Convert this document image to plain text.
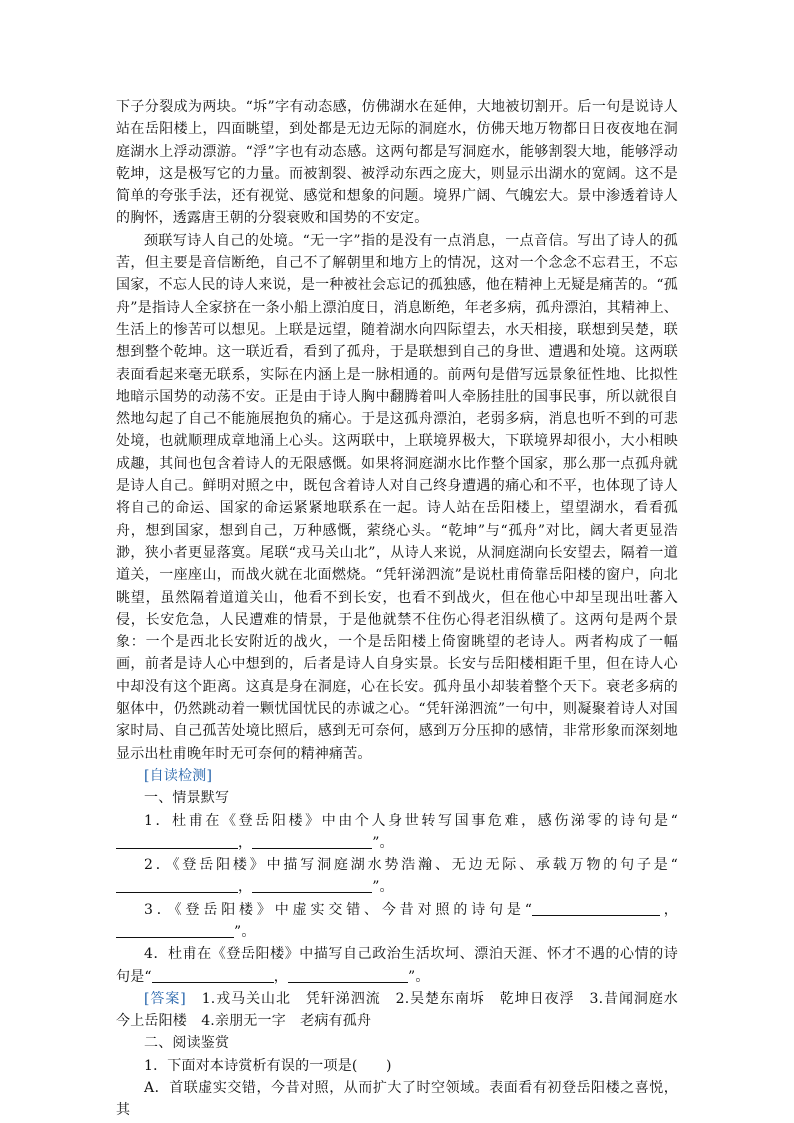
下子分裂成为两块。“坼”字有动态感，仿佛湖水在延伸，大地被切割开。后一句是说诗人站在岳阳楼上，四面眺望，到处都是无边无际的洞庭水，仿佛天地万物都日日夜夜地在洞庭湖水上浮动漂游。“浮”字也有动态感。这两句都是写洞庭水，能够割裂大地，能够浮动乾坤，这是极写它的力量。而被割裂、被浮动东西之庞大，则显示出湖水的宽阔。这不是简单的夸张手法，还有视觉、感觉和想象的问题。境界广阔、气魄宏大。景中渗透着诗人的胸怀，透露唐王朝的分裂衰败和国势的不安定。

颈联写诗人自己的处境。“无一字”指的是没有一点消息，一点音信。写出了诗人的孤苦，但主要是音信断绝，自己不了解朝里和地方上的情况，这对一个念念不忘君王，不忘国家，不忘人民的诗人来说，是一种被社会忘记的孤独感，他在精神上无疑是痛苦的。“孤舟”是指诗人全家挤在一条小船上漂泊度日，消息断绝，年老多病，孤舟漂泊，其精神上、生活上的惨苦可以想见。上联是远望，随着湖水向四际望去，水天相接，联想到吴楚，联想到整个乾坤。这一联近看，看到了孤舟，于是联想到自己的身世、遭遇和处境。这两联表面看起来毫无联系，实际在内涵上是一脉相通的。前两句是借写远景象征性地、比拟性地暗示国势的动荡不安。正是由于诗人胸中翻腾着叫人牵肠挂肚的国事民事，所以就很自然地勾起了自己不能施展抱负的痛心。于是这孤舟漂泊，老弱多病，消息也听不到的可悲处境，也就顺理成章地涌上心头。这两联中，上联境界极大，下联境界却很小，大小相映成趣，其间也包含着诗人的无限感慨。如果将洞庭湖水比作整个国家，那么那一点孤舟就是诗人自己。鲜明对照之中，既包含着诗人对自己终身遭遇的痛心和不平，也体现了诗人将自己的命运、国家的命运紧紧地联系在一起。诗人站在岳阳楼上，望望湖水，看看孤舟，想到国家，想到自己，万种感慨，萦绕心头。“乾坤”与“孤舟”对比，阔大者更显浩渺，狭小者更显落寞。尾联“戎马关山北”，从诗人来说，从洞庭湖向长安望去，隔着一道道关，一座座山，而战火就在北面燃烧。“凭轩涕泗流”是说杜甫倚靠岳阳楼的窗户，向北眺望，虽然隔着道道关山，他看不到长安，也看不到战火，但在他心中却呈现出吐蕃入侵，长安危急，人民遭难的情景，于是他就禁不住伤心得老泪纵横了。这两句是两个景象：一个是西北长安附近的战火，一个是岳阳楼上倚窗眺望的老诗人。两者构成了一幅画，前者是诗人心中想到的，后者是诗人自身实景。长安与岳阳楼相距千里，但在诗人心中却没有这个距离。这真是身在洞庭，心在长安。孤舟虽小却装着整个天下。衰老多病的躯体中，仍然跳动着一颗忧国忧民的赤诚之心。“凭轩涕泗流”一句中，则凝聚着诗人对国家时局、自己孤苦处境比照后，感到无可奈何，感到万分压抑的感情，非常形象而深刻地显示出杜甫晚年时无可奈何的精神痛苦。

[自读检测]

一、情景默写

1．杜甫在《登岳阳楼》中由个人身世转写国事危难，感伤涕零的诗句是“，	”。

2．《登岳阳楼》中描写洞庭湖水势浩瀚、无边无际、承载万物的句子是“，	”。

3．《登岳阳楼》中虚实交错、今昔对照的诗句是“	，”。

4．杜甫在《登岳阳楼》中描写自己政治生活坎坷、漂泊天涯、怀才不遇的心情的诗句是“	，	”。

[答案]　 1.戎马关山北　凭轩涕泗流　2.吴楚东南坼　乾坤日夜浮　3.昔闻洞庭水　今上岳阳楼　4.亲朋无一字　老病有孤舟

二、阅读鉴赏

1．下面对本诗赏析有误的一项是(　　)

A．首联虚实交错，今昔对照，从而扩大了时空领域。表面看有初登岳阳楼之喜悦，其
